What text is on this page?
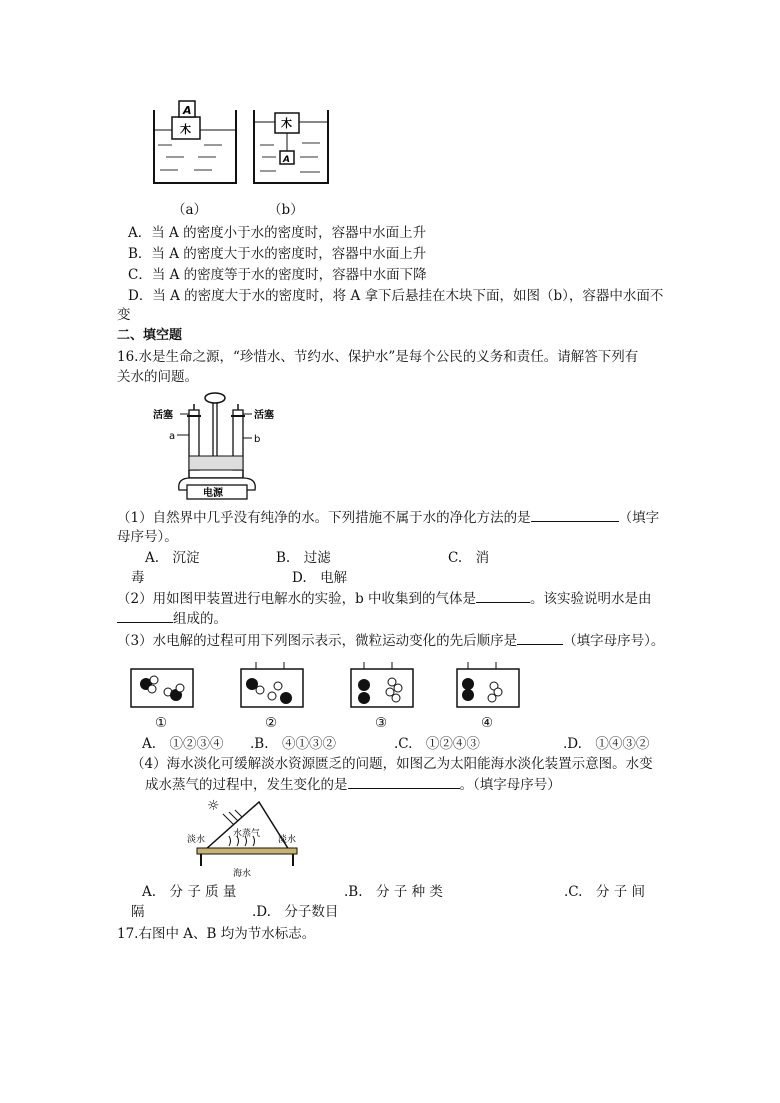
A
木	木
A
（a）	（b）
A．当 A 的密度小于水的密度时，容器中水面上升
B．当 A 的密度大于水的密度时，容器中水面上升
C．当 A 的密度等于水的密度时，容器中水面下降
D．当 A 的密度大于水的密度时，将 A 拿下后悬挂在木块下面，如图（b），容器中水面不
变
二、填空题
16.水是生命之源，“珍惜水、节约水、保护水”是每个公民的义务和责任。请解答下列有
关水的问题。
电源
活塞	活塞
a	b
（1）自然界中几乎没有纯净的水。下列措施不属于水的净化方法的是	（填字
母序号）。
A.　沉淀	B.　过滤	C.　消
毒	D.　电解
（2）用如图甲装置进行电解水的实验，b 中收集到的气体是	。该实验说明水是由
组成的。
（3）水电解的过程可用下列图示表示，微粒运动变化的先后顺序是	（填字母序号）。
①	②	③	④
A.　①②③④ .B.　④①③②	.C.　①②④③	.D.　①④③②
（4）海水淡化可缓解淡水资源匮乏的问题，如图乙为太阳能海水淡化装置示意图。水变
成水蒸气的过程中，发生变化的是	。（填字母序号）
☼
淡水
水蒸气
淡水
海水
A.　分 子 质 量	.B.　分 子 种 类	.C.　分 子 间
隔	.D.　分子数目
17.右图中 A、B 均为节水标志。
